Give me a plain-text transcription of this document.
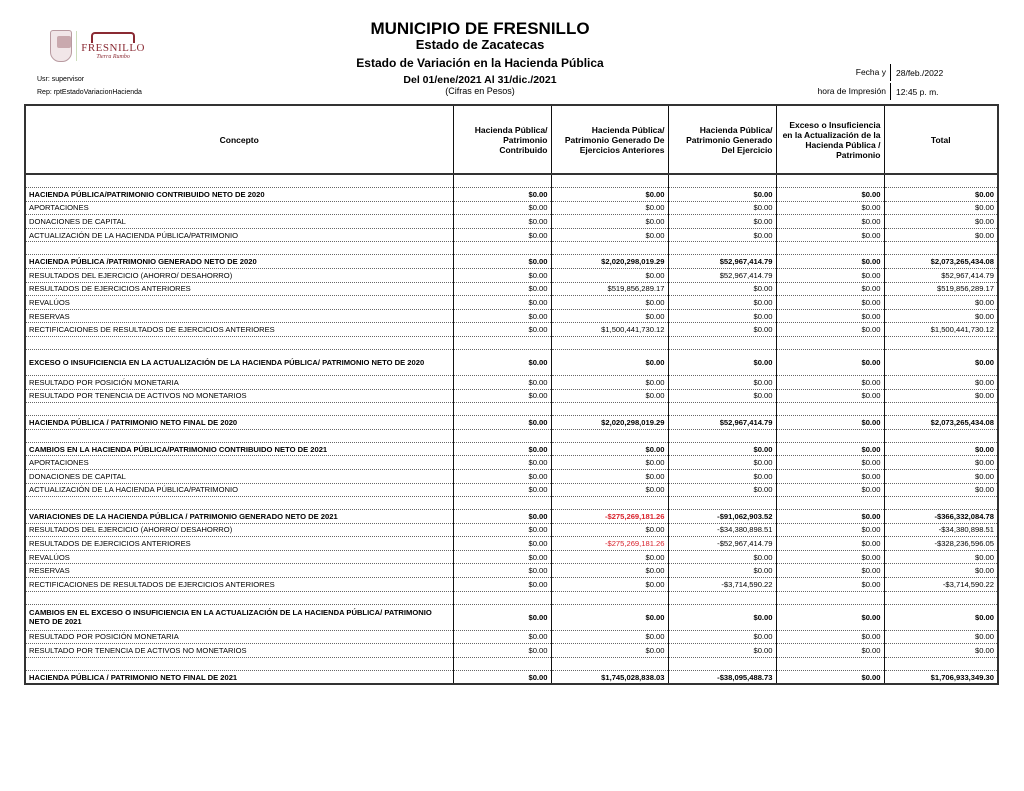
FRESNILLO
Tierra Rumbo
Usr: supervisor
Rep: rptEstadoVariacionHacienda
MUNICIPIO DE FRESNILLO
Estado de Zacatecas
Estado de Variación en la Hacienda Pública
Del 01/ene/2021 Al 31/dic./2021
(Cifras en Pesos)
Fecha y	28/feb./2022
hora de Impresión	12:45 p. m.
Concepto	Hacienda Pública/ Patrimonio Contribuido	Hacienda Pública/ Patrimonio Generado De Ejercicios Anteriores	Hacienda Pública/ Patrimonio Generado Del Ejercicio	Exceso o Insuficiencia en la Actualización de la Hacienda Pública / Patrimonio	Total

HACIENDA PÚBLICA/PATRIMONIO CONTRIBUIDO NETO DE 2020	$0.00	$0.00	$0.00	$0.00	$0.00
APORTACIONES	$0.00	$0.00	$0.00	$0.00	$0.00
DONACIONES DE CAPITAL	$0.00	$0.00	$0.00	$0.00	$0.00
ACTUALIZACIÓN DE LA HACIENDA PÚBLICA/PATRIMONIO	$0.00	$0.00	$0.00	$0.00	$0.00

HACIENDA PÚBLICA /PATRIMONIO GENERADO NETO DE 2020	$0.00	$2,020,298,019.29	$52,967,414.79	$0.00	$2,073,265,434.08
RESULTADOS DEL EJERCICIO (AHORRO/ DESAHORRO)	$0.00	$0.00	$52,967,414.79	$0.00	$52,967,414.79
RESULTADOS DE EJERCICIOS ANTERIORES	$0.00	$519,856,289.17	$0.00	$0.00	$519,856,289.17
REVALÚOS	$0.00	$0.00	$0.00	$0.00	$0.00
RESERVAS	$0.00	$0.00	$0.00	$0.00	$0.00
RECTIFICACIONES DE RESULTADOS DE EJERCICIOS ANTERIORES	$0.00	$1,500,441,730.12	$0.00	$0.00	$1,500,441,730.12

EXCESO O INSUFICIENCIA EN LA ACTUALIZACIÓN DE LA HACIENDA PÚBLICA/ PATRIMONIO NETO DE 2020	$0.00	$0.00	$0.00	$0.00	$0.00
RESULTADO POR POSICIÓN MONETARIA	$0.00	$0.00	$0.00	$0.00	$0.00
RESULTADO POR TENENCIA DE ACTIVOS NO MONETARIOS	$0.00	$0.00	$0.00	$0.00	$0.00

HACIENDA PÚBLICA / PATRIMONIO NETO FINAL DE 2020	$0.00	$2,020,298,019.29	$52,967,414.79	$0.00	$2,073,265,434.08

CAMBIOS EN LA HACIENDA PÚBLICA/PATRIMONIO CONTRIBUIDO NETO DE 2021	$0.00	$0.00	$0.00	$0.00	$0.00
APORTACIONES	$0.00	$0.00	$0.00	$0.00	$0.00
DONACIONES DE CAPITAL	$0.00	$0.00	$0.00	$0.00	$0.00
ACTUALIZACIÓN DE LA HACIENDA PÚBLICA/PATRIMONIO	$0.00	$0.00	$0.00	$0.00	$0.00

VARIACIONES DE LA HACIENDA PÚBLICA / PATRIMONIO GENERADO NETO DE 2021	$0.00	-$275,269,181.26	-$91,062,903.52	$0.00	-$366,332,084.78
RESULTADOS DEL EJERCICIO (AHORRO/ DESAHORRO)	$0.00	$0.00	-$34,380,898.51	$0.00	-$34,380,898.51
RESULTADOS DE EJERCICIOS ANTERIORES	$0.00	-$275,269,181.26	-$52,967,414.79	$0.00	-$328,236,596.05
REVALÚOS	$0.00	$0.00	$0.00	$0.00	$0.00
RESERVAS	$0.00	$0.00	$0.00	$0.00	$0.00
RECTIFICACIONES DE RESULTADOS DE EJERCICIOS ANTERIORES	$0.00	$0.00	-$3,714,590.22	$0.00	-$3,714,590.22

CAMBIOS EN EL EXCESO O INSUFICIENCIA EN LA ACTUALIZACIÓN DE LA HACIENDA PÚBLICA/ PATRIMONIO NETO DE 2021	$0.00	$0.00	$0.00	$0.00	$0.00
RESULTADO POR POSICIÓN MONETARIA	$0.00	$0.00	$0.00	$0.00	$0.00
RESULTADO POR TENENCIA DE ACTIVOS NO MONETARIOS	$0.00	$0.00	$0.00	$0.00	$0.00

HACIENDA PÚBLICA / PATRIMONIO NETO FINAL DE 2021	$0.00	$1,745,028,838.03	-$38,095,488.73	$0.00	$1,706,933,349.30
